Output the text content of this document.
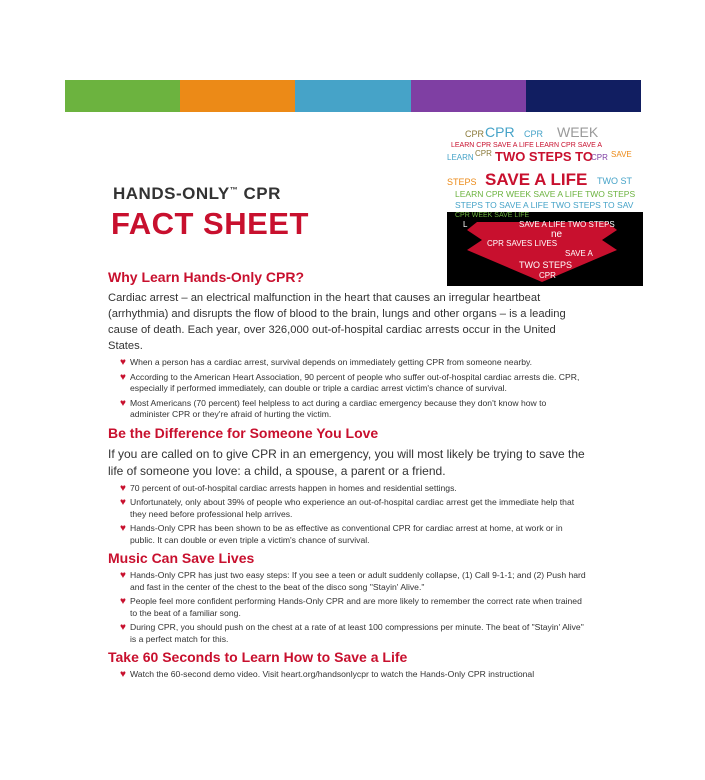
HANDS-ONLY™ CPR
FACT SHEET
CPR CPR CPR WEEK
LEARN CPR SAVE A LIFE LEARN CPR SAVE A
LEARN CPR TWO STEPS TO
CPR SAVE
STEPS SAVE A LIFE TWO ST
LEARN CPR WEEK SAVE A LIFE TWO STEPS
STEPS TO SAVE A LIFE TWO STEPS TO SAV
CPR WEEK SAVE LIFE
L	SAVE A LIFE TWO STEPS
ne
CPR SAVES LIVES
SAVE A
TWO STEPS
CPR
Why Learn Hands-Only CPR?
Cardiac arrest – an electrical malfunction in the heart that causes an irregular heartbeat (arrhythmia) and disrupts the flow of blood to the brain, lungs and other organs – is a leading cause of death. Each year, over 326,000 out-of-hospital cardiac arrests occur in the United States.
♥ When a person has a cardiac arrest, survival depends on immediately getting CPR from someone nearby.
♥ According to the American Heart Association, 90 percent of people who suffer out-of-hospital cardiac arrests die. CPR, especially if performed immediately, can double or triple a cardiac arrest victim's chance of survival.
♥ Most Americans (70 percent) feel helpless to act during a cardiac emergency because they don't know how to administer CPR or they're afraid of hurting the victim.
Be the Difference for Someone You Love
If you are called on to give CPR in an emergency, you will most likely be trying to save the life of someone you love: a child, a spouse, a parent or a friend.
♥ 70 percent of out-of-hospital cardiac arrests happen in homes and residential settings.
♥ Unfortunately, only about 39% of people who experience an out-of-hospital cardiac arrest get the immediate help that they need before professional help arrives.
♥ Hands-Only CPR has been shown to be as effective as conventional CPR for cardiac arrest at home, at work or in public. It can double or even triple a victim's chance of survival.
Music Can Save Lives
♥ Hands-Only CPR has just two easy steps: If you see a teen or adult suddenly collapse, (1) Call 9-1-1; and (2) Push hard and fast in the center of the chest to the beat of the disco song "Stayin' Alive."
♥ People feel more confident performing Hands-Only CPR and are more likely to remember the correct rate when trained to the beat of a familiar song.
♥ During CPR, you should push on the chest at a rate of at least 100 compressions per minute. The beat of "Stayin' Alive" is a perfect match for this.
Take 60 Seconds to Learn How to Save a Life
♥ Watch the 60-second demo video. Visit heart.org/handsonlycpr to watch the Hands-Only CPR instructional
